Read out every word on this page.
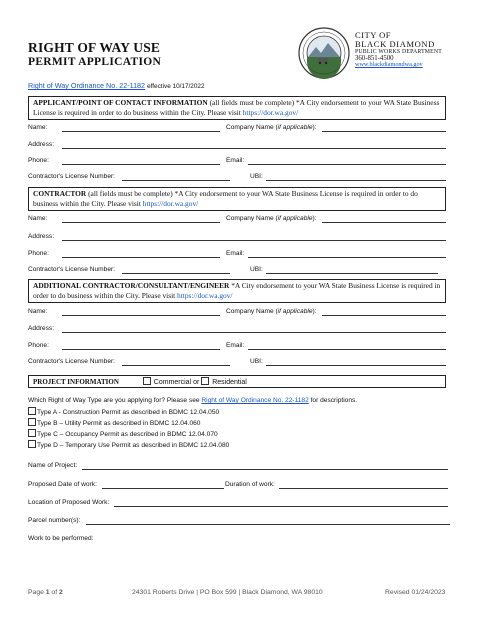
RIGHT OF WAY USE
PERMIT APPLICATION
Right of Way Ordinance No. 22-1182 effective 10/17/2022
CITY OF
BLACK DIAMOND
PUBLIC WORKS DEPARTMENT
360-851-4500
www.blackdiamondwa.gov
APPLICANT/POINT OF CONTACT INFORMATION (all fields must be complete) *A City endorsement to your WA State Business License is required in order to do business within the City. Please visit https://dor.wa.gov/
Name:	Company Name (if applicable):
Address:
Phone:	Email:
Contractor's License Number:	UBI:
CONTRACTOR (all fields must be complete) *A City endorsement to your WA State Business License is required in order to do business within the City. Please visit https://dor.wa.gov/
Name:	Company Name (if applicable):
Address:
Phone:	Email:
Contractor's License Number:	UBI:
ADDITIONAL CONTRACTOR/CONSULTANT/ENGINEER *A City endorsement to your WA State Business License is required in order to do business within the City. Please visit https://dor.wa.gov/
Name:	Company Name (if applicable):
Address:
Phone:	Email:
Contractor's License Number:	UBI:
PROJECT INFORMATION	Commercial or Residential
Which Right of Way Type are you applying for? Please see Right of Way Ordinance No. 22-1182 for descriptions.
Type A - Construction Permit as described in BDMC 12.04.050
Type B – Utility Permit as described in BDMC 12.04.060
Type C – Occupancy Permit as described in BDMC 12.04.070
Type D – Temporary Use Permit as described in BDMC 12.04.080
Name of Project:
Proposed Date of work:	Duration of work:
Location of Proposed Work:
Parcel number(s):
Work to be performed:
Page 1 of 2	24301 Roberts Drive | PO Box 599 | Black Diamond, WA 98010	Revised 01/24/2023
